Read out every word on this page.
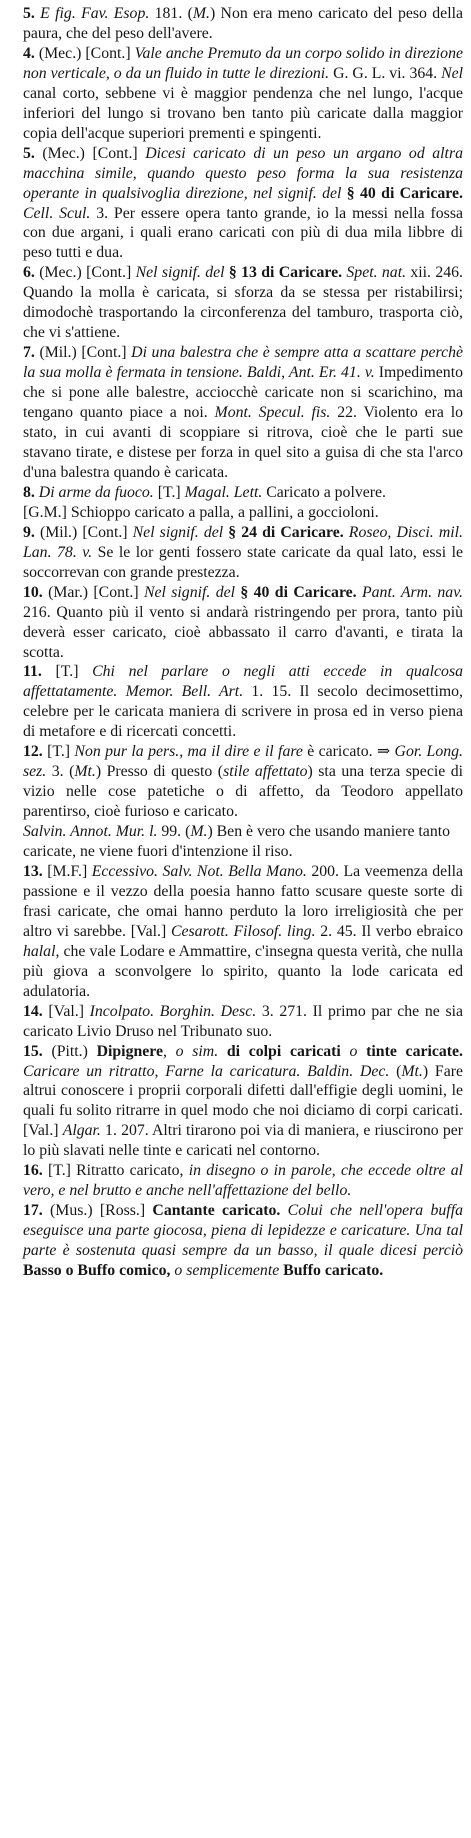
5. E fig. Fav. Esop. 181. (M.) Non era meno caricato del peso della paura, che del peso dell'avere.

4. (Mec.) [Cont.] Vale anche Premuto da un corpo solido in direzione non verticale, o da un fluido in tutte le direzioni. G. G. L. vi. 364. Nel canal corto, sebbene vi è maggior pendenza che nel lungo, l'acque inferiori del lungo si trovano ben tanto più caricate dalla maggior copia dell'acque superiori prementi e spingenti.

5. (Mec.) [Cont.] Dicesi caricato di un peso un argano od altra macchina simile, quando questo peso forma la sua resistenza operante in qualsivoglia direzione, nel signif. del § 40 di Caricare. Cell. Scul. 3. Per essere opera tanto grande, io la messi nella fossa con due argani, i quali erano caricati con più di dua mila libbre di peso tutti e dua.

6. (Mec.) [Cont.] Nel signif. del § 13 di Caricare. Spet. nat. xii. 246. Quando la molla è caricata, si sforza da se stessa per ristabilirsi; dimodochè trasportando la circonferenza del tamburo, trasporta ciò, che vi s'attiene.

7. (Mil.) [Cont.] Di una balestra che è sempre atta a scattare perchè la sua molla è fermata in tensione. Baldi, Ant. Er. 41. v. Impedimento che si pone alle balestre, acciocchè caricate non si scarichino, ma tengano quanto piace a noi. Mont. Specul. fis. 22. Violento era lo stato, in cui avanti di scoppiare si ritrova, cioè che le parti sue stavano tirate, e distese per forza in quel sito a guisa di che sta l'arco d'una balestra quando è caricata.

8. Di arme da fuoco. [T.] Magal. Lett. Caricato a polvere.

[G.M.] Schioppo caricato a palla, a pallini, a goccioloni.

9. (Mil.) [Cont.] Nel signif. del § 24 di Caricare. Roseo, Disci. mil. Lan. 78. v. Se le lor genti fossero state caricate da qual lato, essi le soccorrevan con grande prestezza.

10. (Mar.) [Cont.] Nel signif. del § 40 di Caricare. Pant. Arm. nav. 216. Quanto più il vento si andarà ristringendo per prora, tanto più deverà esser caricato, cioè abbassato il carro d'avanti, e tirata la scotta.

11. [T.] Chi nel parlare o negli atti eccede in qualcosa affettatamente. Memor. Bell. Art. 1. 15. Il secolo decimosettimo, celebre per le caricata maniera di scrivere in prosa ed in verso piena di metafore e di ricercati concetti.

12. [T.] Non pur la pers., ma il dire e il fare è caricato. ⇒ Gor. Long. sez. 3. (Mt.) Presso di questo (stile affettato) sta una terza specie di vizio nelle cose patetiche o di affetto, da Teodoro appellato parentirso, cioè furioso e caricato.

Salvin. Annot. Mur. l. 99. (M.) Ben è vero che usando maniere tanto caricate, ne viene fuori d'intenzione il riso.

13. [M.F.] Eccessivo. Salv. Not. Bella Mano. 200. La veemenza della passione e il vezzo della poesia hanno fatto scusare queste sorte di frasi caricate, che omai hanno perduto la loro irreligiosità che per altro vi sarebbe. [Val.] Cesarott. Filosof. ling. 2. 45. Il verbo ebraico halal, che vale Lodare e Ammattire, c'insegna questa verità, che nulla più giova a sconvolgere lo spirito, quanto la lode caricata ed adulatoria.

14. [Val.] Incolpato. Borghin. Desc. 3. 271. Il primo par che ne sia caricato Livio Druso nel Tribunato suo.

15. (Pitt.) Dipignere, o sim. di colpi caricati o tinte caricate. Caricare un ritratto, Farne la caricatura. Baldin. Dec. (Mt.) Fare altrui conoscere i proprii corporali difetti dall'effigie degli uomini, le quali fu solito ritrarre in quel modo che noi diciamo di corpi caricati. [Val.] Algar. 1. 207. Altri tirarono poi via di maniera, e riuscirono per lo più slavati nelle tinte e caricati nel contorno.

16. [T.] Ritratto caricato, in disegno o in parole, che eccede oltre al vero, e nel brutto e anche nell'affettazione del bello.

17. (Mus.) [Ross.] Cantante caricato. Colui che nell'opera buffa eseguisce una parte giocosa, piena di lepidezze e caricature. Una tal parte è sostenuta quasi sempre da un basso, il quale dicesi perciò Basso o Buffo comico, o semplicemente Buffo caricato.
